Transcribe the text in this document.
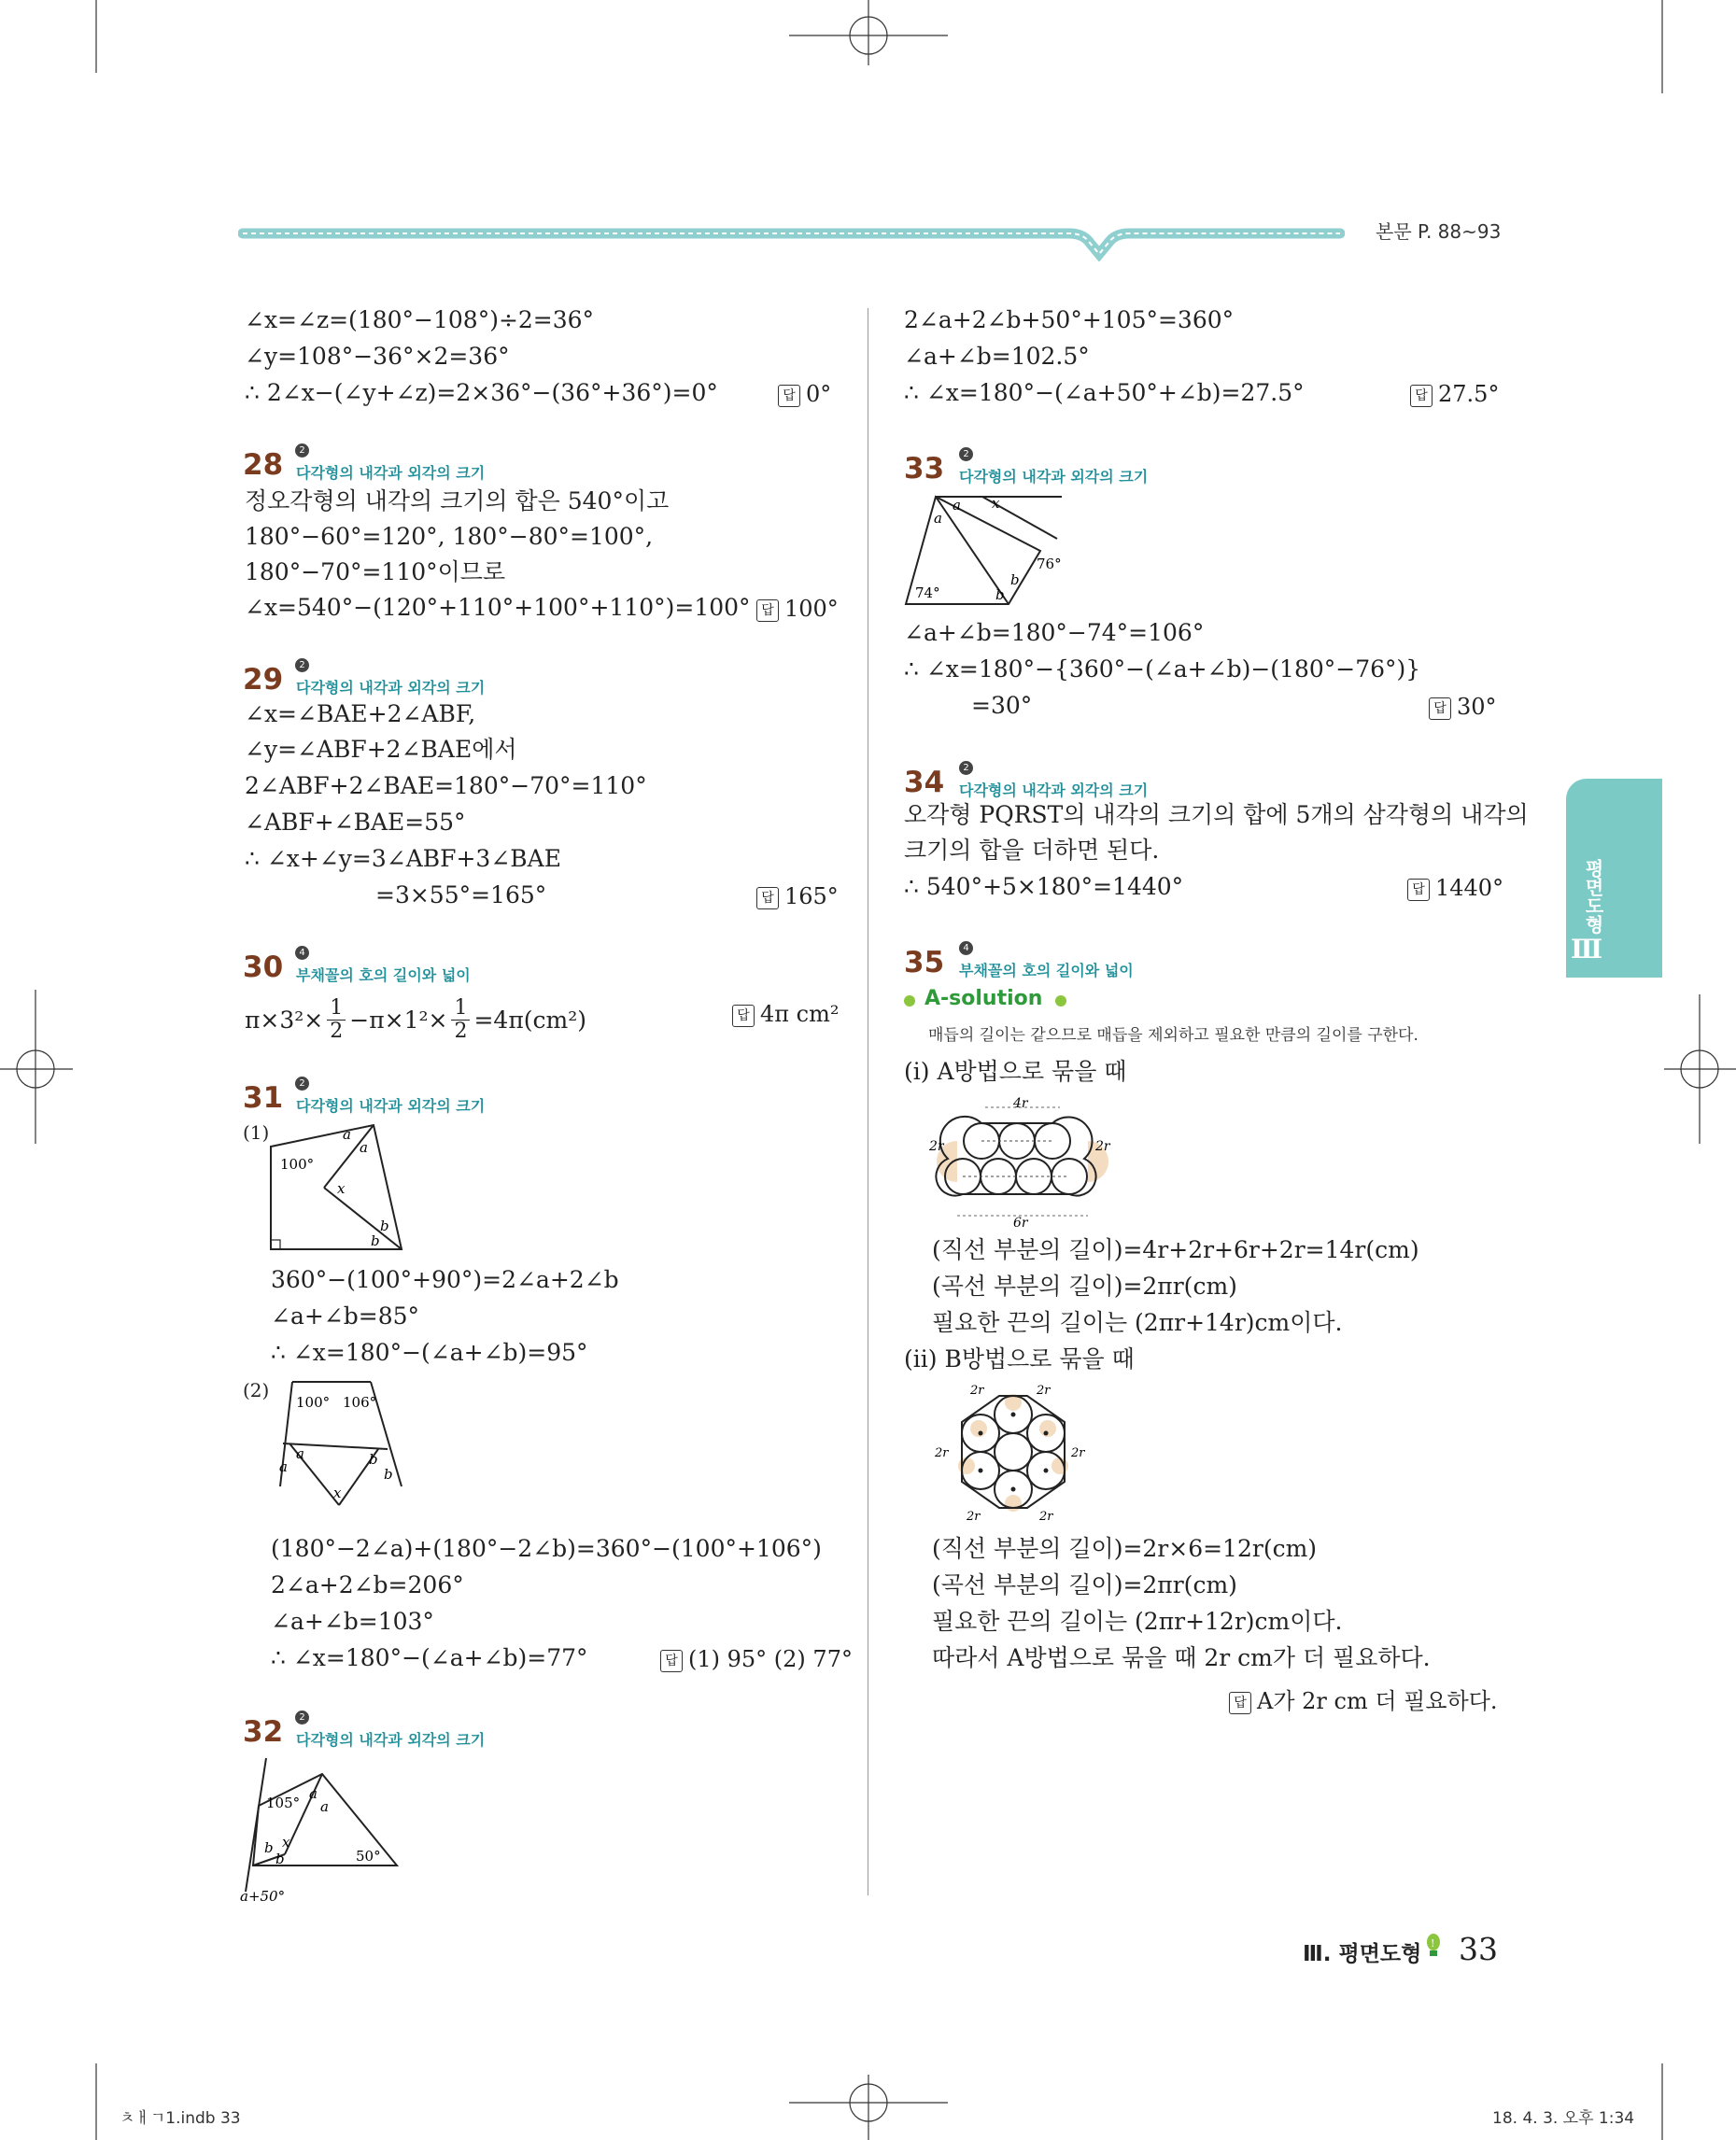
본문 P. 88~93
평면도형
Ⅲ
∠x=∠z=(180°−108°)÷2=36°
∠y=108°−36°×2=36°
∴ 2∠x−(∠y+∠z)=2×36°−(36°+36°)=0°	답 0°
2
28 다각형의 내각과 외각의 크기
정오각형의 내각의 크기의 합은 540°이고
180°−60°=120°, 180°−80°=100°,
180°−70°=110°이므로
∠x=540°−(120°+110°+100°+110°)=100° 답 100°
2
29 다각형의 내각과 외각의 크기
∠x=∠BAE+2∠ABF,
∠y=∠ABF+2∠BAE에서
2∠ABF+2∠BAE=180°−70°=110°
∠ABF+∠BAE=55°
∴ ∠x+∠y=3∠ABF+3∠BAE
=3×55°=165°	답 165°
4
30 부채꼴의 호의 길이와 넓이
$\pi\times 3^2\times \frac{1}{2} -\pi\times 1^2\times \frac{1}{2} =4\pi(cm^2)$	답 4π cm²
2
31 다각형의 내각과 외각의 크기
(1)
100°
a
a
x
b
b
360°−(100°+90°)=2∠a+2∠b
∠a+∠b=85°
∴ ∠x=180°−(∠a+∠b)=95°
(2)
100° 106°
a
a	b
b
x
(180°−2∠a)+(180°−2∠b)=360°−(100°+106°)
2∠a+2∠b=206°
∠a+∠b=103°
∴ ∠x=180°−(∠a+∠b)=77°	답 (1) 95° (2) 77°
2
32 다각형의 내각과 외각의 크기
105°
a
a
b
b
x
50°
a+50°
2∠a+2∠b+50°+105°=360°
∠a+∠b=102.5°
∴ ∠x=180°−(∠a+50°+∠b)=27.5°	답 27.5°
2
33 다각형의 내각과 외각의 크기
74°
76°
a
a
b
b
x
∠a+∠b=180°−74°=106°
∴ ∠x=180°−{360°−(∠a+∠b)−(180°−76°)}
=30°	답 30°
2
34 다각형의 내각과 외각의 크기
오각형 PQRST의 내각의 크기의 합에 5개의 삼각형의 내각의
크기의 합을 더하면 된다.
∴ 540°+5×180°=1440°	답 1440°
4
35 부채꼴의 호의 길이와 넓이
A-solution
매듭의 길이는 같으므로 매듭을 제외하고 필요한 만큼의 길이를 구한다.
(ⅰ) A방법으로 묶을 때
4r
6r
2r	2r
(직선 부분의 길이)=4r+2r+6r+2r=14r(cm)
(곡선 부분의 길이)=2πr(cm)
필요한 끈의 길이는 (2πr+14r)cm이다.
(ⅱ) B방법으로 묶을 때
2r	2r
2r	2r
2r	2r
(직선 부분의 길이)=2r×6=12r(cm)
(곡선 부분의 길이)=2πr(cm)
필요한 끈의 길이는 (2πr+12r)cm이다.
따라서 A방법으로 묶을 때 2r cm가 더 필요하다.
답 A가 2r cm 더 필요하다.
Ⅲ. 평면도형 ! 33
ㅊㅐㄱ1.indb 33	18. 4. 3. 오후 1:34
